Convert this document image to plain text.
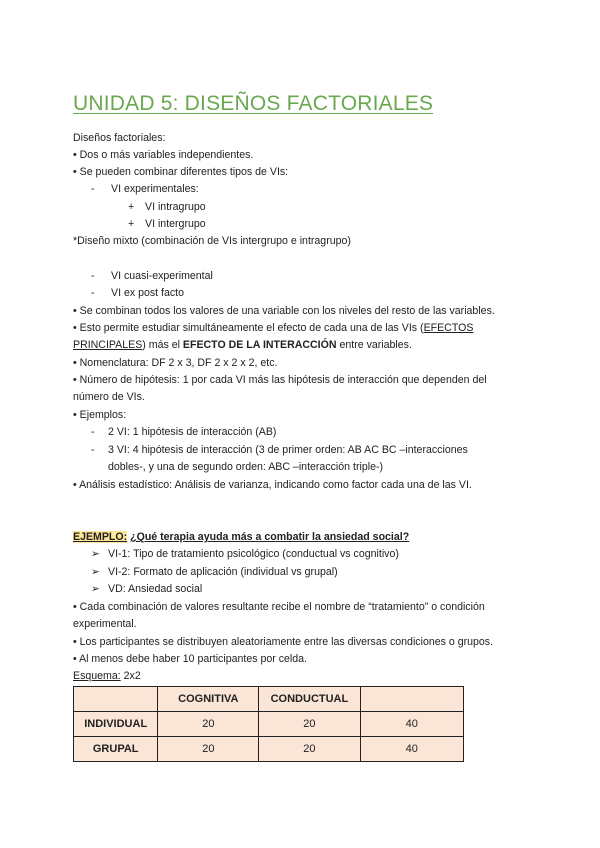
UNIDAD 5: DISEÑOS FACTORIALES
Diseños factoriales:
• Dos o más variables independientes.
• Se pueden combinar diferentes tipos de VIs:
- VI experimentales:
+ VI intragrupo
+ VI intergrupo
*Diseño mixto (combinación de VIs intergrupo e intragrupo)
- VI cuasi-experimental
- VI ex post facto
• Se combinan todos los valores de una variable con los niveles del resto de las variables.
• Esto permite estudiar simultáneamente el efecto de cada una de las VIs (EFECTOS
PRINCIPALES) más el EFECTO DE LA INTERACCIÓN entre variables.
• Nomenclatura: DF 2 x 3, DF 2 x 2 x 2, etc.
• Número de hipótesis: 1 por cada VI más las hipótesis de interacción que dependen del
número de VIs.
• Ejemplos:
- 2 VI: 1 hipótesis de interacción (AB)
- 3 VI: 4 hipótesis de interacción (3 de primer orden: AB AC BC –interacciones
dobles-, y una de segundo orden: ABC –interacción triple-)
• Análisis estadístico: Análisis de varianza, indicando como factor cada una de las VI.
EJEMPLO: ¿Qué terapia ayuda más a combatir la ansiedad social?
➢ VI-1: Tipo de tratamiento psicológico (conductual vs cognitivo)
➢ VI-2: Formato de aplicación (individual vs grupal)
➢ VD: Ansiedad social
• Cada combinación de valores resultante recibe el nombre de “tratamiento” o condición
experimental.
• Los participantes se distribuyen aleatoriamente entre las diversas condiciones o grupos.
• Al menos debe haber 10 participantes por celda.
Esquema: 2x2
	COGNITIVA	CONDUCTUAL	
INDIVIDUAL	20	20	40
GRUPAL	20	20	40
